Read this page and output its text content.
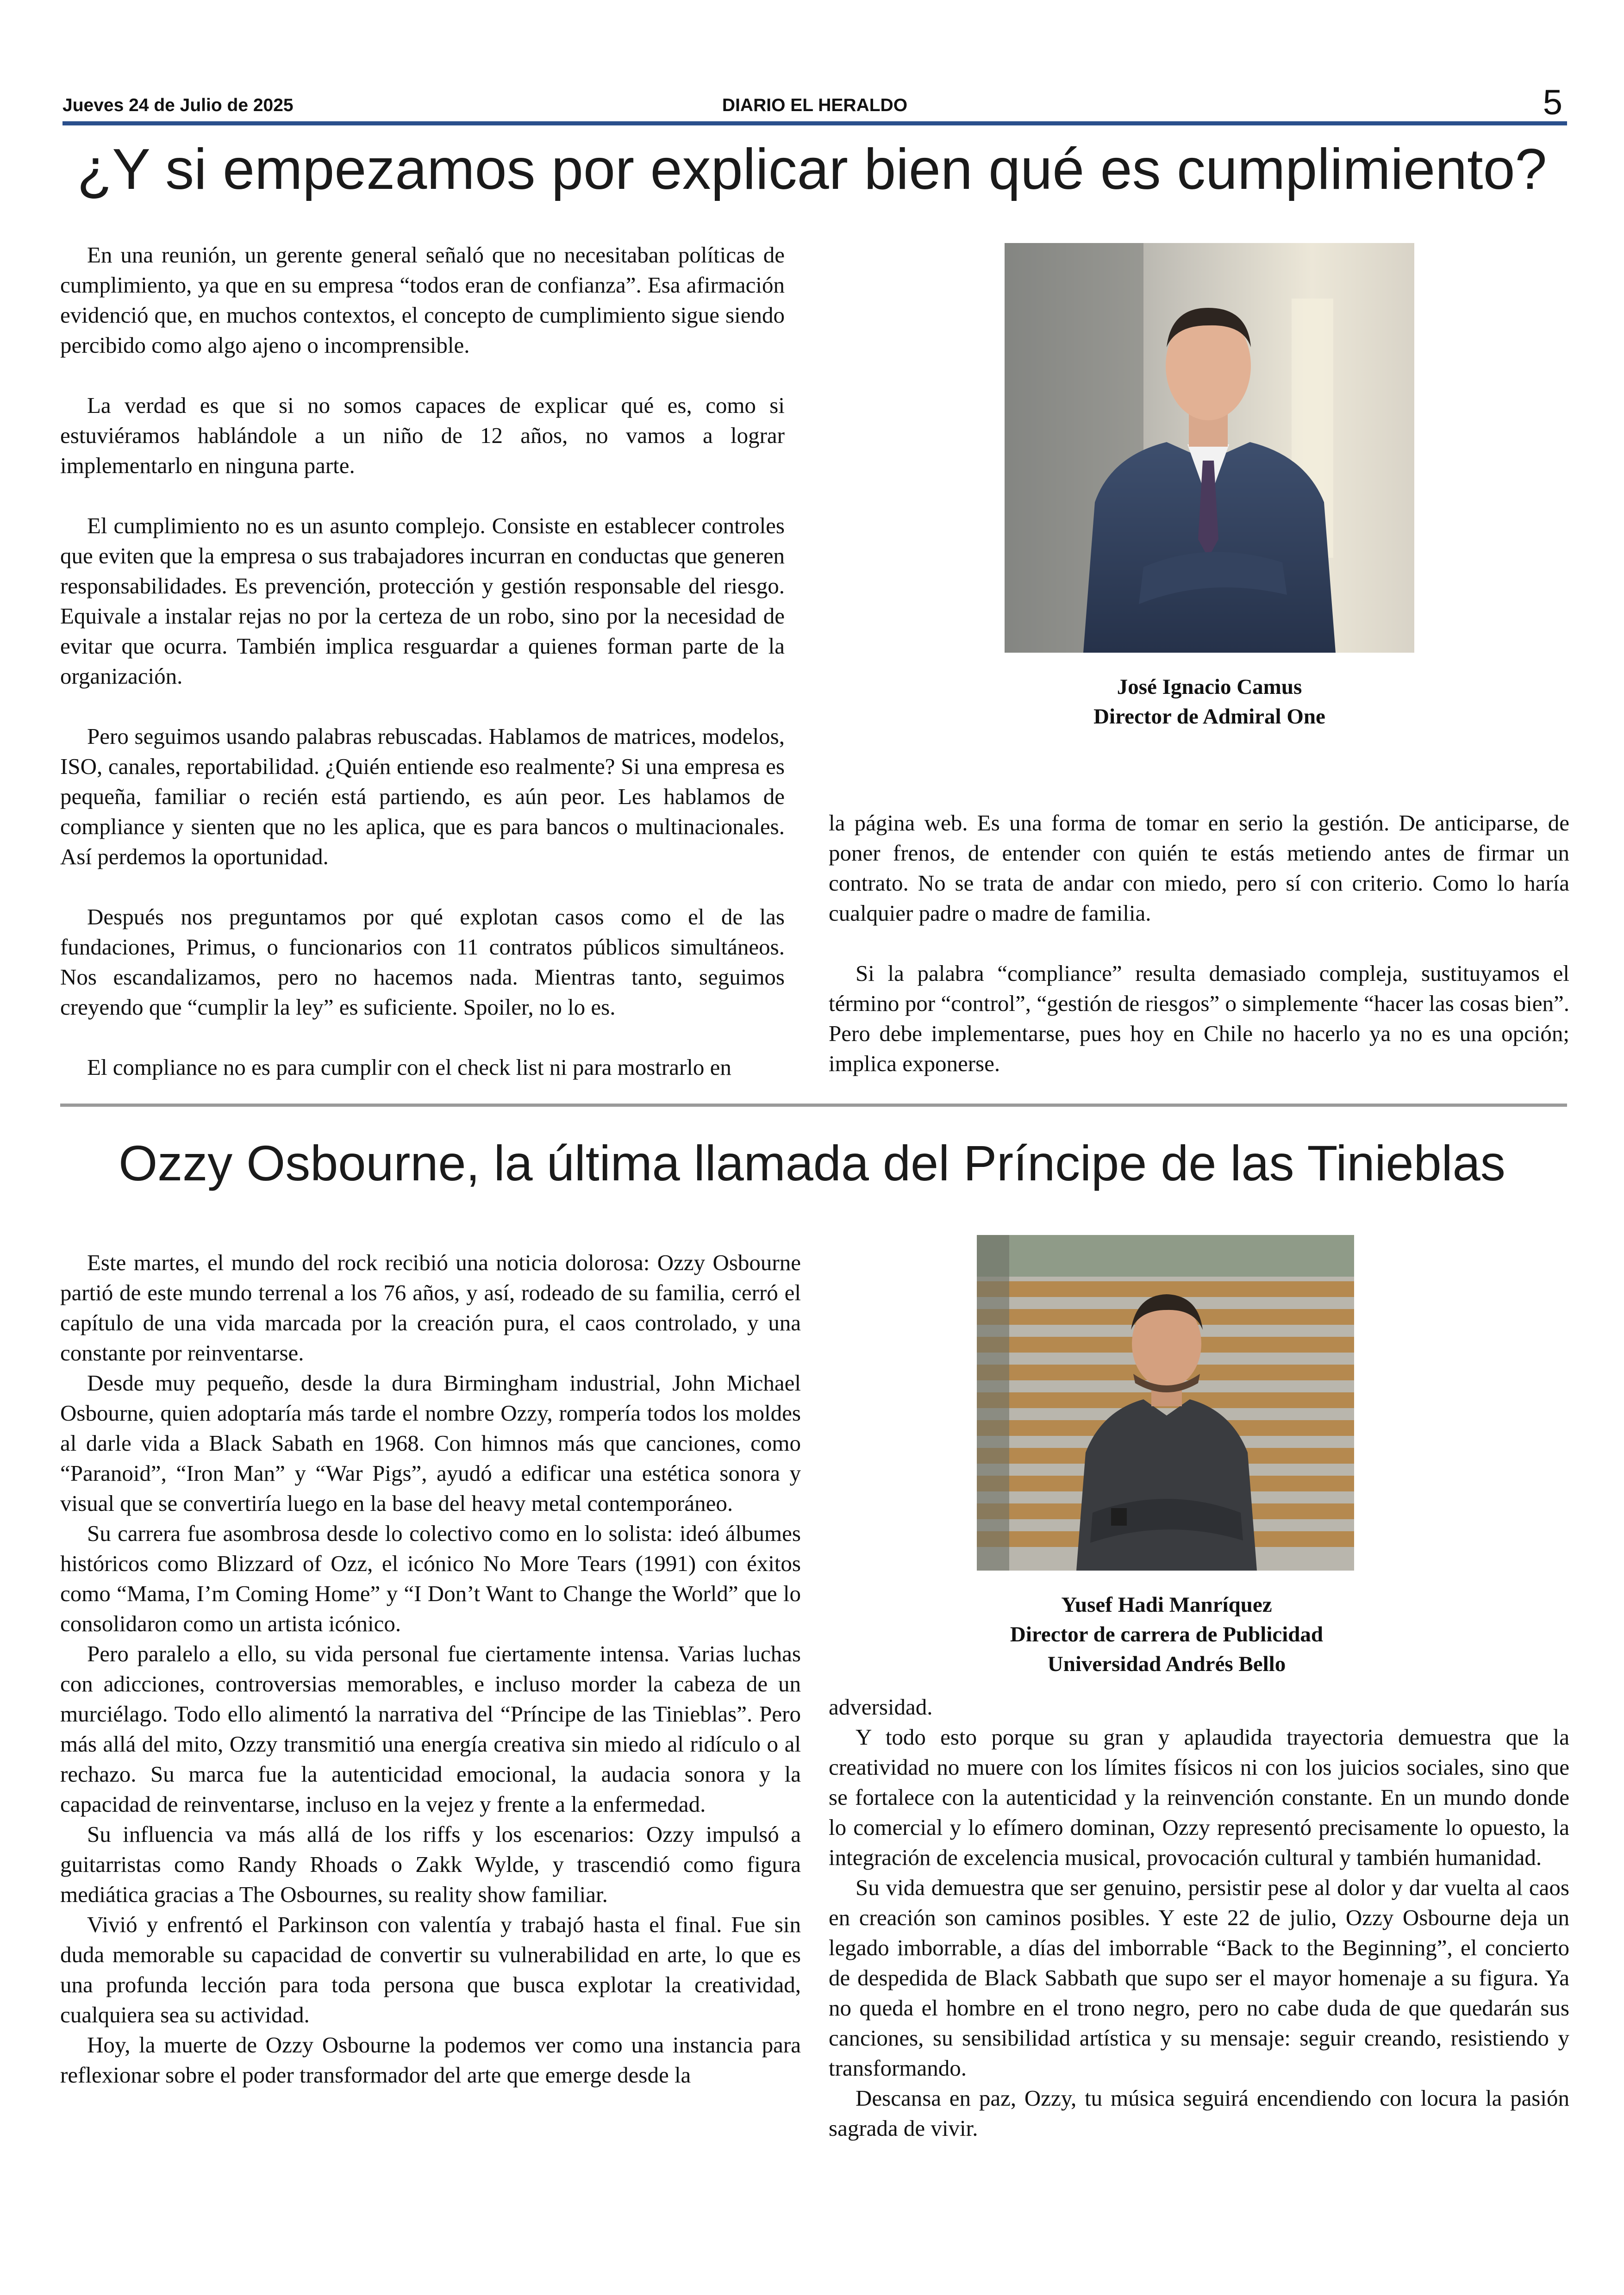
Jueves 24 de Julio de 2025	DIARIO EL HERALDO	5
¿Y si empezamos por explicar bien qué es cumplimiento?

En una reunión, un gerente general señaló que no necesitaban políticas de cumplimiento, ya que en su empresa “todos eran de confianza”. Esa afirmación evidenció que, en muchos contextos, el concepto de cumplimiento sigue siendo percibido como algo ajeno o incomprensible.

La verdad es que si no somos capaces de explicar qué es, como si estuviéramos hablándole a un niño de 12 años, no vamos a lograr implementarlo en ninguna parte.

El cumplimiento no es un asunto complejo. Consiste en establecer controles que eviten que la empresa o sus trabajadores incurran en conductas que generen responsabilidades. Es prevención, protección y gestión responsable del riesgo. Equivale a instalar rejas no por la certeza de un robo, sino por la necesidad de evitar que ocurra. También implica resguardar a quienes forman parte de la organización.

Pero seguimos usando palabras rebuscadas. Hablamos de matrices, modelos, ISO, canales, reportabilidad. ¿Quién entiende eso realmente? Si una empresa es pequeña, familiar o recién está partiendo, es aún peor. Les hablamos de compliance y sienten que no les aplica, que es para bancos o multinacionales. Así perdemos la oportunidad.

Después nos preguntamos por qué explotan casos como el de las fundaciones, Primus, o funcionarios con 11 contratos públicos simultáneos. Nos escandalizamos, pero no hacemos nada. Mientras tanto, seguimos creyendo que “cumplir la ley” es suficiente. Spoiler, no lo es.

El compliance no es para cumplir con el check list ni para mostrarlo en

José Ignacio Camus
Director de Admiral One

la página web. Es una forma de tomar en serio la gestión. De anticiparse, de poner frenos, de entender con quién te estás metiendo antes de firmar un contrato. No se trata de andar con miedo, pero sí con criterio. Como lo haría cualquier padre o madre de familia.

Si la palabra “compliance” resulta demasiado compleja, sustituyamos el término por “control”, “gestión de riesgos” o simplemente “hacer las cosas bien”. Pero debe implementarse, pues hoy en Chile no hacerlo ya no es una opción; implica exponerse.

Ozzy Osbourne, la última llamada del Príncipe de las Tinieblas

Este martes, el mundo del rock recibió una noticia dolorosa: Ozzy Osbourne partió de este mundo terrenal a los 76 años, y así, rodeado de su familia, cerró el capítulo de una vida marcada por la creación pura, el caos controlado, y una constante por reinventarse.

Desde muy pequeño, desde la dura Birmingham industrial, John Michael Osbourne, quien adoptaría más tarde el nombre Ozzy, rompería todos los moldes al darle vida a Black Sabath en 1968. Con himnos más que canciones, como “Paranoid”, “Iron Man” y “War Pigs”, ayudó a edificar una estética sonora y visual que se convertiría luego en la base del heavy metal contemporáneo.

Su carrera fue asombrosa desde lo colectivo como en lo solista: ideó álbumes históricos como Blizzard of Ozz, el icónico No More Tears (1991) con éxitos como “Mama, I’m Coming Home” y “I Don’t Want to Change the World” que lo consolidaron como un artista icónico.

Pero paralelo a ello, su vida personal fue ciertamente intensa. Varias luchas con adicciones, controversias memorables, e incluso morder la cabeza de un murciélago. Todo ello alimentó la narrativa del “Príncipe de las Tinieblas”. Pero más allá del mito, Ozzy transmitió una energía creativa sin miedo al ridículo o al rechazo. Su marca fue la autenticidad emocional, la audacia sonora y la capacidad de reinventarse, incluso en la vejez y frente a la enfermedad.

Su influencia va más allá de los riffs y los escenarios: Ozzy impulsó a guitarristas como Randy Rhoads o Zakk Wylde, y trascendió como figura mediática gracias a The Osbournes, su reality show familiar.

Vivió y enfrentó el Parkinson con valentía y trabajó hasta el final. Fue sin duda memorable su capacidad de convertir su vulnerabilidad en arte, lo que es una profunda lección para toda persona que busca explotar la creatividad, cualquiera sea su actividad.

Hoy, la muerte de Ozzy Osbourne la podemos ver como una instancia para reflexionar sobre el poder transformador del arte que emerge desde la

Yusef Hadi Manríquez
Director de carrera de Publicidad
Universidad Andrés Bello

adversidad.

Y todo esto porque su gran y aplaudida trayectoria demuestra que la creatividad no muere con los límites físicos ni con los juicios sociales, sino que se fortalece con la autenticidad y la reinvención constante. En un mundo donde lo comercial y lo efímero dominan, Ozzy representó precisamente lo opuesto, la integración de excelencia musical, provocación cultural y también humanidad.

Su vida demuestra que ser genuino, persistir pese al dolor y dar vuelta al caos en creación son caminos posibles. Y este 22 de julio, Ozzy Osbourne deja un legado imborrable, a días del imborrable “Back to the Beginning”, el concierto de despedida de Black Sabbath que supo ser el mayor homenaje a su figura. Ya no queda el hombre en el trono negro, pero no cabe duda de que quedarán sus canciones, su sensibilidad artística y su mensaje: seguir creando, resistiendo y transformando.

Descansa en paz, Ozzy, tu música seguirá encendiendo con locura la pasión sagrada de vivir.
